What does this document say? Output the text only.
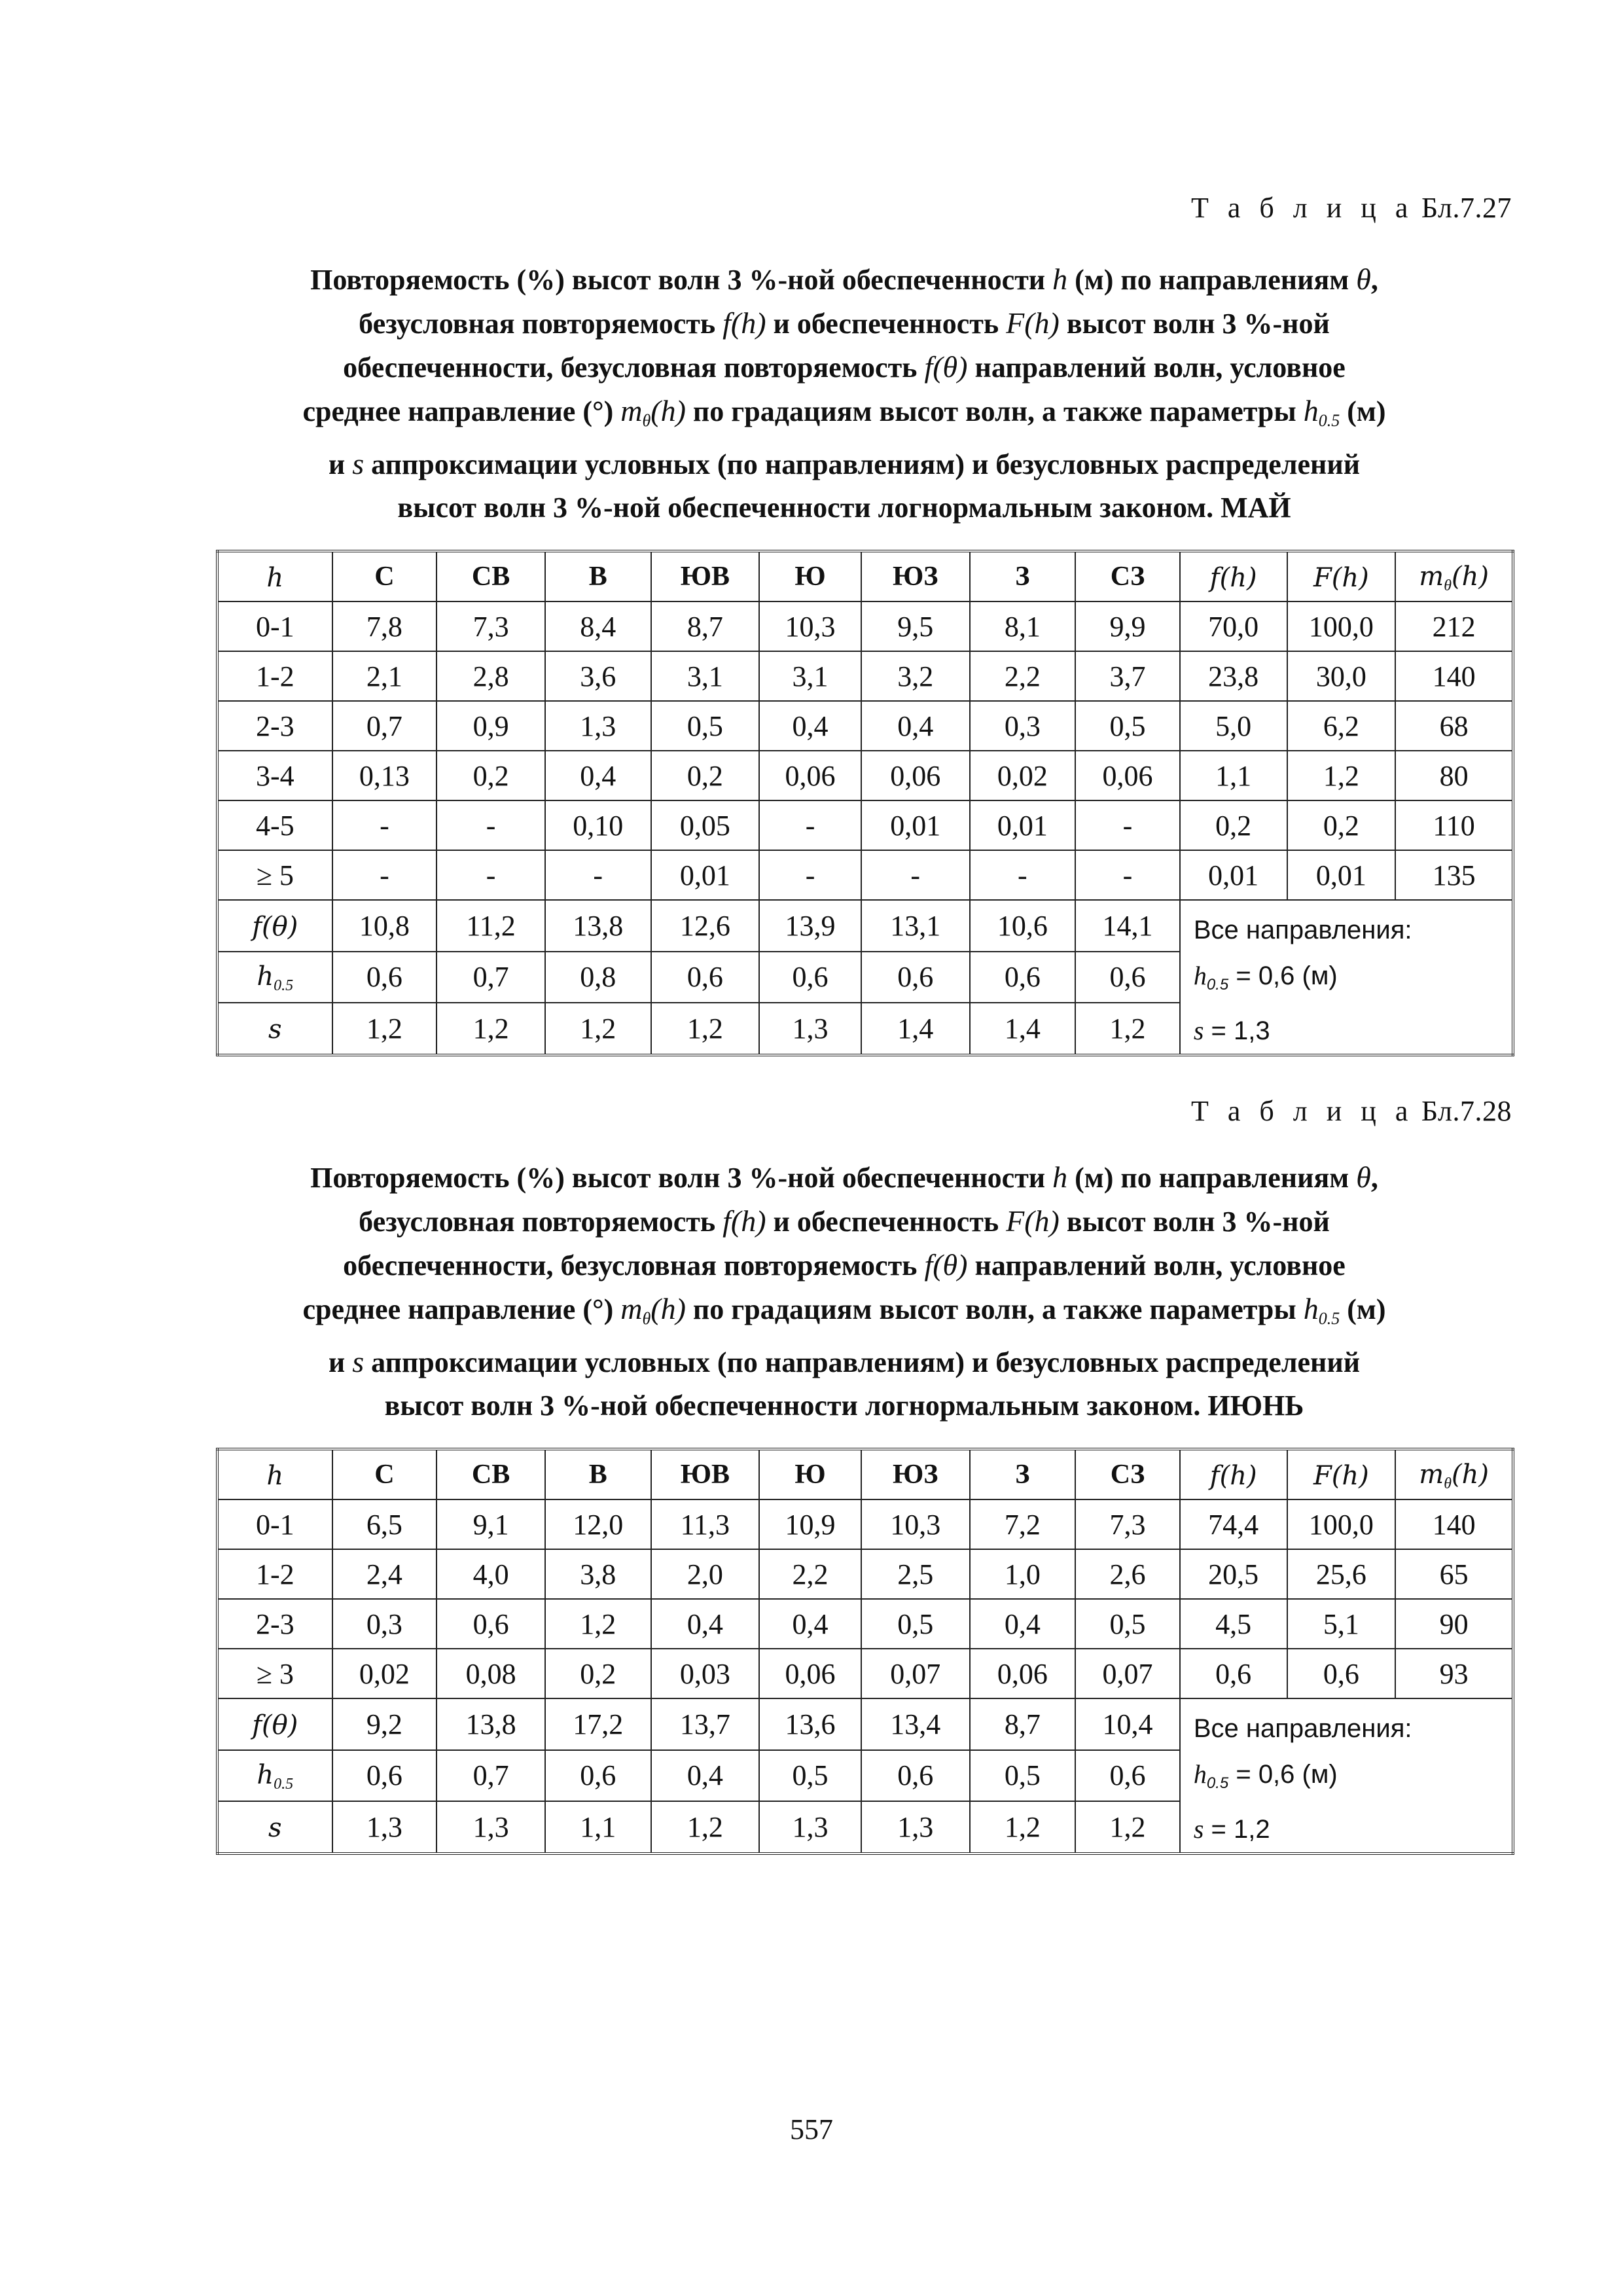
Т а б л и ц а Бл.7.27
Повторяемость (%) высот волн 3 %-ной обеспеченности h (м) по направлениям θ,
безусловная повторяемость f(h) и обеспеченность F(h) высот волн 3 %-ной
обеспеченности, безусловная повторяемость f(θ) направлений волн, условное
среднее направление (°) $m_\theta(h)$ по градациям высот волн, а также параметры $h_{0.5}$ (м)
и s аппроксимации условных (по направлениям) и безусловных распределений
высот волн 3 %-ной обеспеченности логнормальным законом. МАЙ
h	С	СВ	В	ЮВ	Ю	ЮЗ	З	СЗ	f(h)	F(h)	mθ(h)
0-1	7,8	7,3	8,4	8,7	10,3	9,5	8,1	9,9	70,0	100,0	212
1-2	2,1	2,8	3,6	3,1	3,1	3,2	2,2	3,7	23,8	30,0	140
2-3	0,7	0,9	1,3	0,5	0,4	0,4	0,3	0,5	5,0	6,2	68
3-4	0,13	0,2	0,4	0,2	0,06	0,06	0,02	0,06	1,1	1,2	80
4-5	-	-	0,10	0,05	-	0,01	0,01	-	0,2	0,2	110
≥ 5	-	-	-	0,01	-	-	-	-	0,01	0,01	135
f(θ)	10,8	11,2	13,8	12,6	13,9	13,1	10,6	14,1	Все направления:
$h_{0.5} = 0,6$ (м)
s = 1,3		

h0.5	0,6	0,7	0,8	0,6	0,6	0,6	0,6	0,6			
s	1,2	1,2	1,2	1,2	1,3	1,4	1,4	1,2			
Т а б л и ц а Бл.7.28
Повторяемость (%) высот волн 3 %-ной обеспеченности h (м) по направлениям θ,
безусловная повторяемость f(h) и обеспеченность F(h) высот волн 3 %-ной
обеспеченности, безусловная повторяемость f(θ) направлений волн, условное
среднее направление (°) $m_\theta(h)$ по градациям высот волн, а также параметры $h_{0.5}$ (м)
и s аппроксимации условных (по направлениям) и безусловных распределений
высот волн 3 %-ной обеспеченности логнормальным законом. ИЮНЬ
h	С	СВ	В	ЮВ	Ю	ЮЗ	З	СЗ	f(h)	F(h)	mθ(h)
0-1	6,5	9,1	12,0	11,3	10,9	10,3	7,2	7,3	74,4	100,0	140
1-2	2,4	4,0	3,8	2,0	2,2	2,5	1,0	2,6	20,5	25,6	65
2-3	0,3	0,6	1,2	0,4	0,4	0,5	0,4	0,5	4,5	5,1	90
≥ 3	0,02	0,08	0,2	0,03	0,06	0,07	0,06	0,07	0,6	0,6	93
f(θ)	9,2	13,8	17,2	13,7	13,6	13,4	8,7	10,4	Все направления:
$h_{0.5} = 0,6$ (м)
s = 1,2		

h0.5	0,6	0,7	0,6	0,4	0,5	0,6	0,5	0,6			
s	1,3	1,3	1,1	1,2	1,3	1,3	1,2	1,2			
557
